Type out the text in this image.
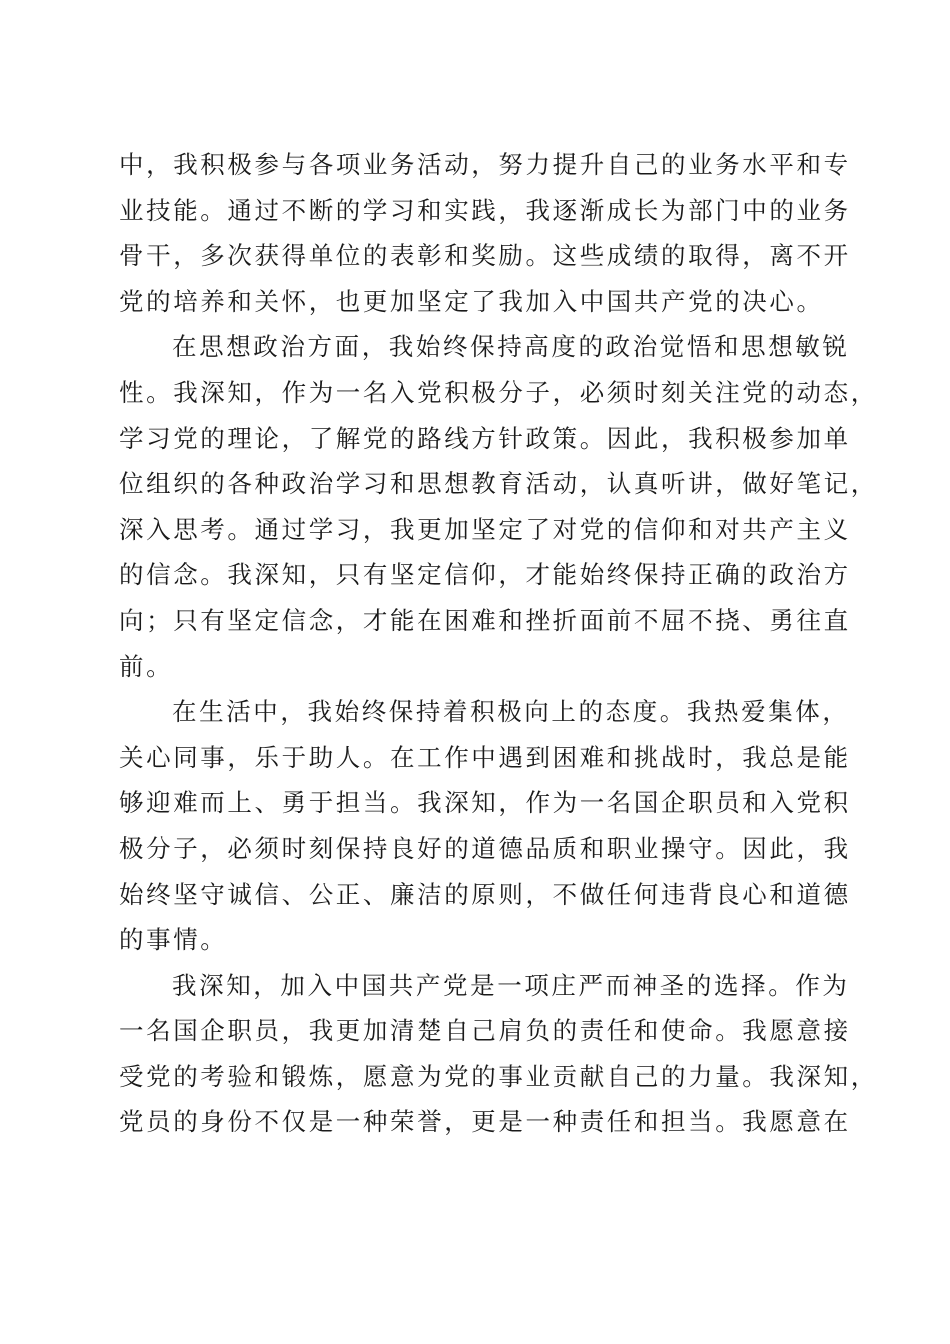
中，我积极参与各项业务活动，努力提升自己的业务水平和专
业技能。通过不断的学习和实践，我逐渐成长为部门中的业务
骨干，多次获得单位的表彰和奖励。这些成绩的取得，离不开
党的培养和关怀，也更加坚定了我加入中国共产党的决心。
在思想政治方面，我始终保持高度的政治觉悟和思想敏锐
性。我深知，作为一名入党积极分子，必须时刻关注党的动态，
学习党的理论，了解党的路线方针政策。因此，我积极参加单
位组织的各种政治学习和思想教育活动，认真听讲，做好笔记，
深入思考。通过学习，我更加坚定了对党的信仰和对共产主义
的信念。我深知，只有坚定信仰，才能始终保持正确的政治方
向；只有坚定信念，才能在困难和挫折面前不屈不挠、勇往直
前。
在生活中，我始终保持着积极向上的态度。我热爱集体，
关心同事，乐于助人。在工作中遇到困难和挑战时，我总是能
够迎难而上、勇于担当。我深知，作为一名国企职员和入党积
极分子，必须时刻保持良好的道德品质和职业操守。因此，我
始终坚守诚信、公正、廉洁的原则，不做任何违背良心和道德
的事情。
我深知，加入中国共产党是一项庄严而神圣的选择。作为
一名国企职员，我更加清楚自己肩负的责任和使命。我愿意接
受党的考验和锻炼，愿意为党的事业贡献自己的力量。我深知，
党员的身份不仅是一种荣誉，更是一种责任和担当。我愿意在
